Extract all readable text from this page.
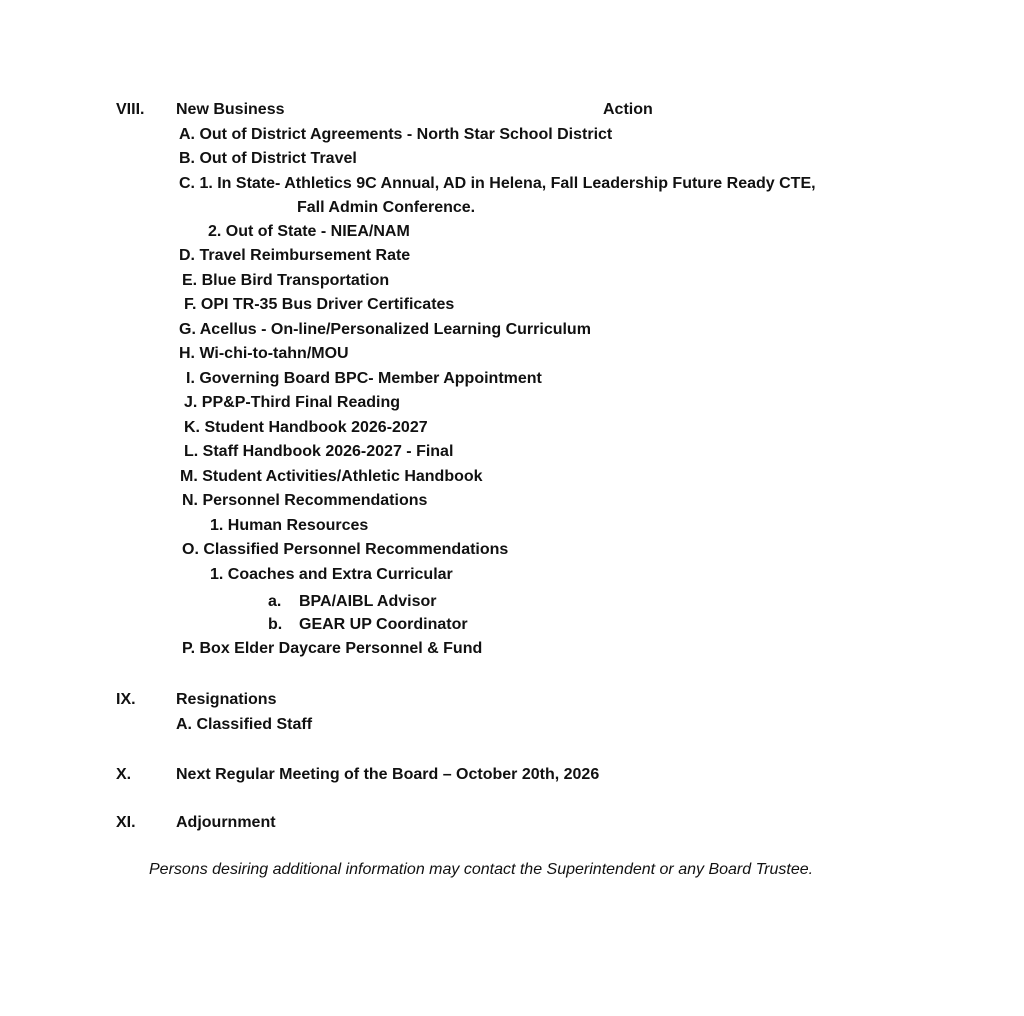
VIII. New Business	Action
A. Out of District Agreements - North Star School District
B. Out of District Travel
C. 1. In State- Athletics 9C Annual, AD in Helena, Fall Leadership Future Ready CTE,
Fall Admin Conference.
2. Out of State - NIEA/NAM
D. Travel Reimbursement Rate
E. Blue Bird Transportation
F. OPI TR-35 Bus Driver Certificates
G. Acellus - On-line/Personalized Learning Curriculum
H. Wi-chi-to-tahn/MOU
I. Governing Board BPC- Member Appointment
J. PP&P-Third Final Reading
K. Student Handbook 2026-2027
L. Staff Handbook 2026-2027 - Final
M. Student Activities/Athletic Handbook
N. Personnel Recommendations
1. Human Resources
O. Classified Personnel Recommendations
1. Coaches and Extra Curricular
a. BPA/AIBL Advisor
b. GEAR UP Coordinator
P. Box Elder Daycare Personnel & Fund
IX.	Resignations
A. Classified Staff
X.	Next Regular Meeting of the Board – October 20th, 2026
XI.	Adjournment
Persons desiring additional information may contact the Superintendent or any Board Trustee.
